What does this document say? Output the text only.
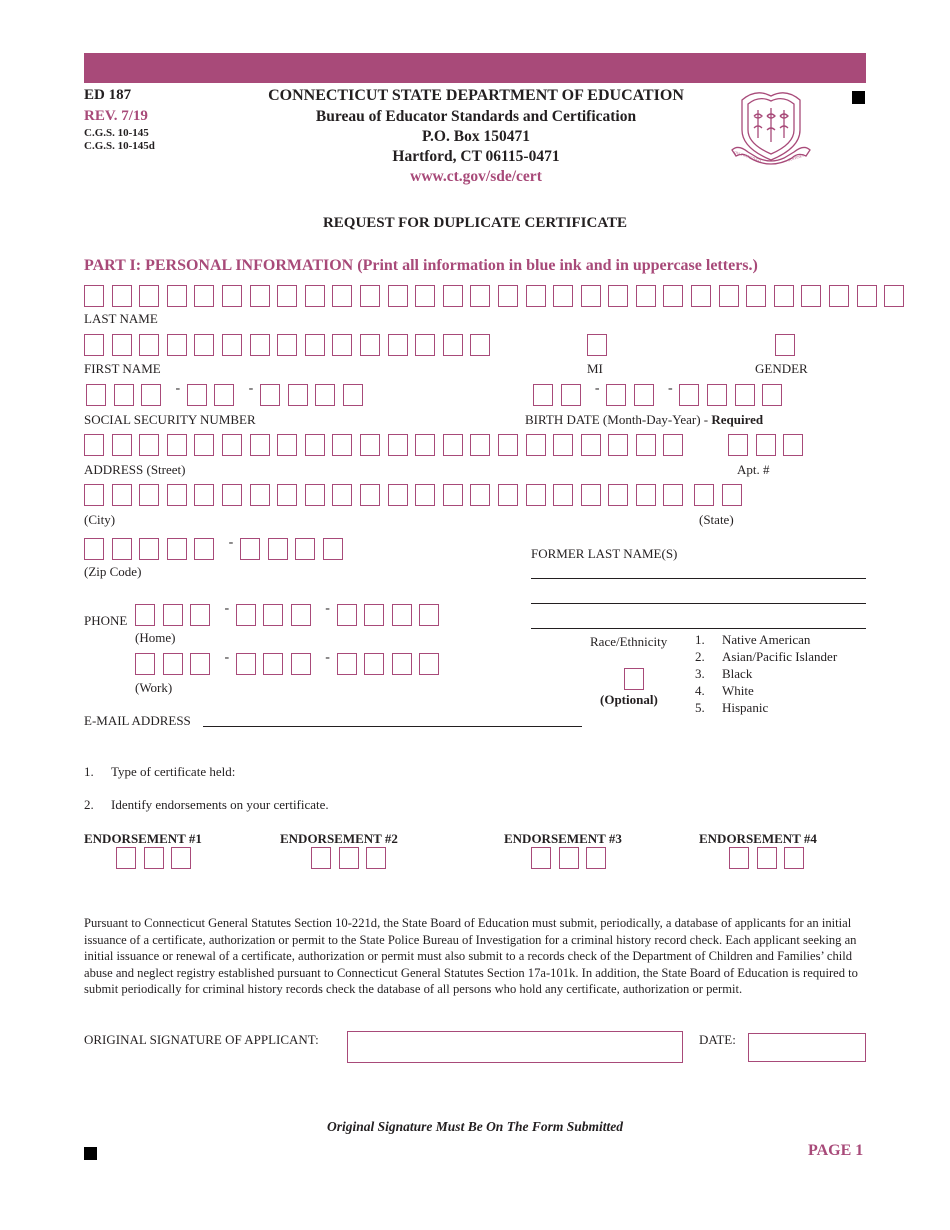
ED 187
REV. 7/19
C.G.S. 10-145
C.G.S. 10-145d
CONNECTICUT STATE DEPARTMENT OF EDUCATION
Bureau of Educator Standards and Certification
P.O. Box 150471
Hartford, CT 06115-0471
www.ct.gov/sde/cert
QUI TRANSTULIT	SUSTINET
REQUEST FOR DUPLICATE CERTIFICATE
PART I: PERSONAL INFORMATION (Print all information in blue ink and in uppercase letters.)
LAST NAME
FIRST NAME	MI	GENDER
-	-	-	-
SOCIAL SECURITY NUMBER	BIRTH DATE (Month-Day-Year) - Required
ADDRESS (Street)	Apt. #
(City)	(State)
-
(Zip Code)
FORMER LAST NAME(S)
PHONE
-	-
(Home)
-	-
(Work)
Race/Ethnicity
(Optional)
1. Native American
2. Asian/Pacific Islander
3. Black
4. White
5. Hispanic
E-MAIL ADDRESS
1. Type of certificate held:
2. Identify endorsements on your certificate.
ENDORSEMENT #1	ENDORSEMENT #2	ENDORSEMENT #3	ENDORSEMENT #4
Pursuant to Connecticut General Statutes Section 10-221d, the State Board of Education must submit, periodically, a database of applicants for an initial issuance of a certificate, authorization or permit to the State Police Bureau of Investigation for a criminal history record check. Each applicant seeking an initial issuance or renewal of a certificate, authorization or permit must also submit to a records check of the Department of Children and Families’ child abuse and neglect registry established pursuant to Connecticut General Statutes Section 17a-101k. In addition, the State Board of Education is required to submit periodically for criminal history records check the database of all persons who hold any certificate, authorization or permit.
ORIGINAL SIGNATURE OF APPLICANT:	DATE:
Original Signature Must Be On The Form Submitted
PAGE 1
